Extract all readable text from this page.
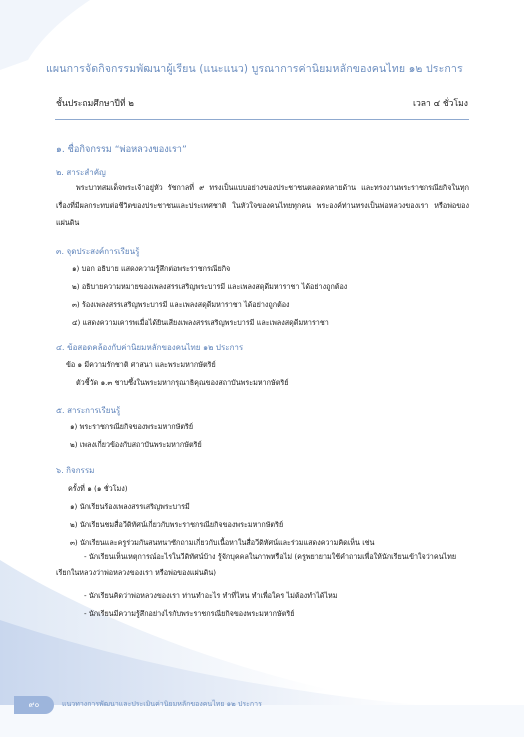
แผนการจัดกิจกรรมพัฒนาผู้เรียน (แนะแนว) บูรณาการค่านิยมหลักของคนไทย ๑๒ ประการ
ชั้นประถมศึกษาปีที่ ๒	เวลา ๔ ชั่วโมง
๑. ชื่อกิจกรรม “พ่อหลวงของเรา”
๒. สาระสำคัญ
พระบาทสมเด็จพระเจ้าอยู่หัว รัชกาลที่ ๙ ทรงเป็นแบบอย่างของประชาชนตลอดหลายด้าน และทรงงานพระราชกรณียกิจในทุกเรื่องที่มีผลกระทบต่อชีวิตของประชาชนและประเทศชาติ ในหัวใจของคนไทยทุกคน พระองค์ท่านทรงเป็นพ่อหลวงของเรา หรือพ่อของแผ่นดิน
๓. จุดประสงค์การเรียนรู้
๑) บอก อธิบาย แสดงความรู้สึกต่อพระราชกรณียกิจ
๒) อธิบายความหมายของเพลงสรรเสริญพระบารมี และเพลงสดุดีมหาราชา ได้อย่างถูกต้อง
๓) ร้องเพลงสรรเสริญพระบารมี และเพลงสดุดีมหาราชา ได้อย่างถูกต้อง
๔) แสดงความเคารพเมื่อได้ยินเสียงเพลงสรรเสริญพระบารมี และเพลงสดุดีมหาราชา
๔. ข้อสอดคล้องกับค่านิยมหลักของคนไทย ๑๒ ประการ
ข้อ ๑ มีความรักชาติ ศาสนา และพระมหากษัตริย์
ตัวชี้วัด ๑.๓ ชาบซึ้งในพระมหากรุณาธิคุณของสถาบันพระมหากษัตริย์
๕. สาระการเรียนรู้
๑) พระราชกรณียกิจของพระมหากษัตริย์
๒) เพลงเกี่ยวข้องกับสถาบันพระมหากษัตริย์
๖. กิจกรรม
ครั้งที่ ๑ (๑ ชั่วโมง)
๑) นักเรียนร้องเพลงสรรเสริญพระบารมี
๒) นักเรียนชมสื่อวีดิทัศน์เกี่ยวกับพระราชกรณียกิจของพระมหากษัตริย์
๓) นักเรียนและครูร่วมกันสนทนาซักถามเกี่ยวกับเนื้อหาในสื่อวีดิทัศน์และร่วมแสดงความคิดเห็น เช่น
- นักเรียนเห็นเหตุการณ์อะไรในวีดิทัศน์บ้าง รู้จักบุคคลในภาพหรือไม่ (ครูพยายามใช้คำถามเพื่อให้นักเรียนเข้าใจว่าคนไทยเรียกในหลวงว่าพ่อหลวงของเรา หรือพ่อของแผ่นดิน)
- นักเรียนคิดว่าพ่อหลวงของเรา ท่านทำอะไร ทำที่ไหน ทำเพื่อใคร ไม่ต้องทำได้ไหม
- นักเรียนมีความรู้สึกอย่างไรกับพระราชกรณียกิจของพระมหากษัตริย์
๙๐	แนวทางการพัฒนาและประเมินค่านิยมหลักของคนไทย ๑๒ ประการ
